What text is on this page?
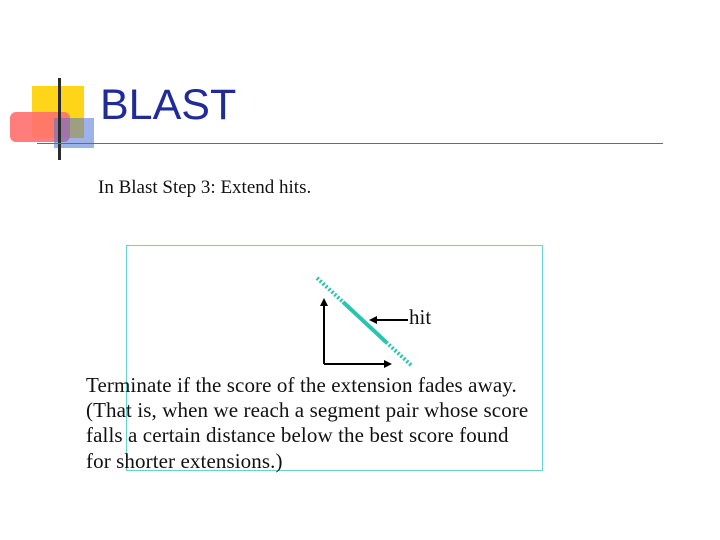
BLAST

In Blast Step 3: Extend hits.

hit

Terminate if the score of the extension fades away. (That is, when we reach a segment pair whose score falls a certain distance below the best score found for shorter extensions.)
